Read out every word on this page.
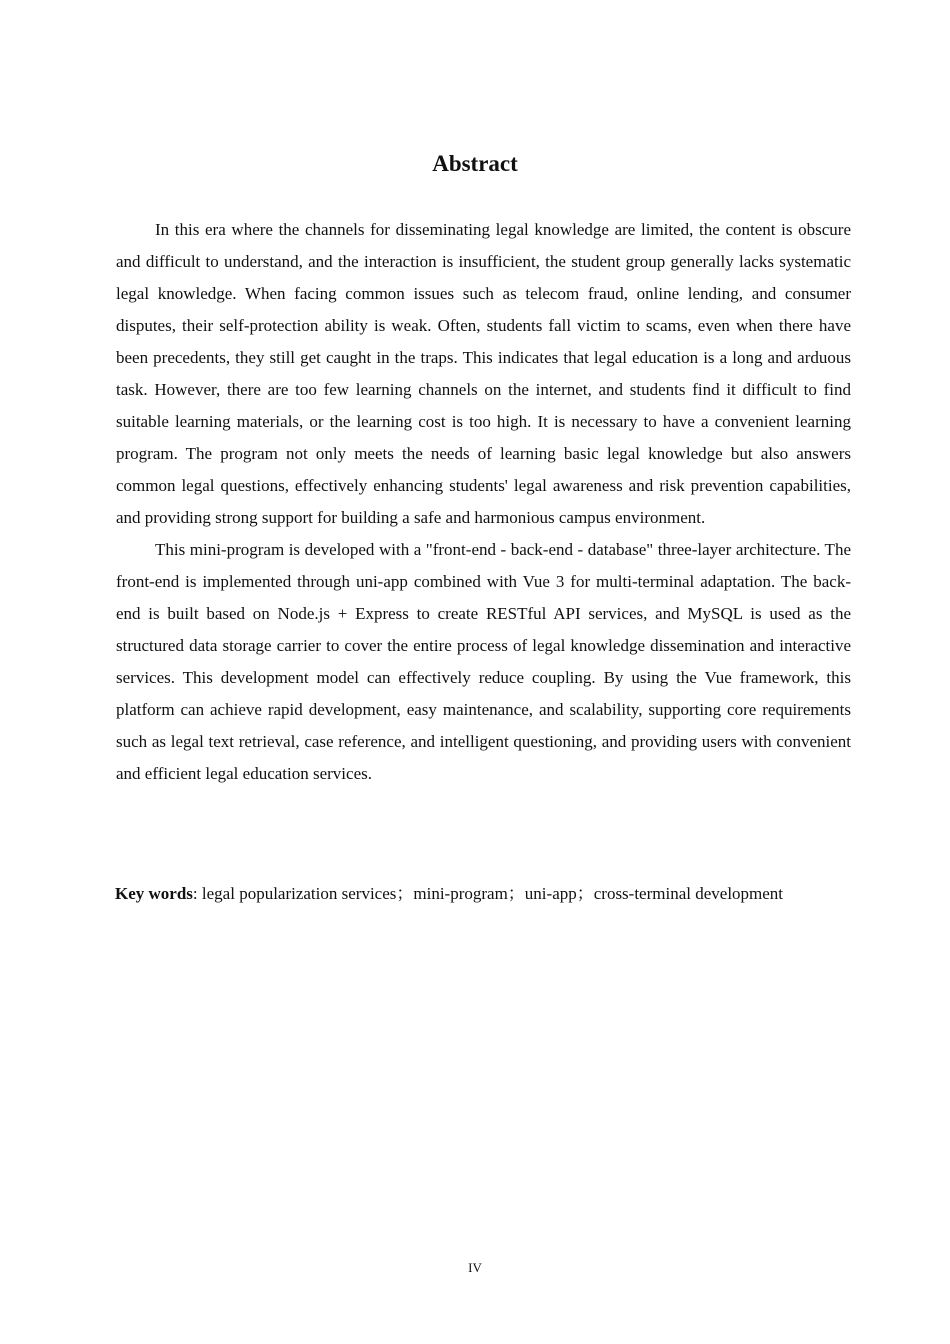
Abstract

In this era where the channels for disseminating legal knowledge are limited, the content is obscure and difficult to understand, and the interaction is insufficient, the student group generally lacks systematic legal knowledge. When facing common issues such as telecom fraud, online lending, and consumer disputes, their self-protection ability is weak. Often, students fall victim to scams, even when there have been precedents, they still get caught in the traps. This indicates that legal education is a long and arduous task. However, there are too few learning channels on the internet, and students find it difficult to find suitable learning materials, or the learning cost is too high. It is necessary to have a convenient learning program. The program not only meets the needs of learning basic legal knowledge but also answers common legal questions, effectively enhancing students' legal awareness and risk prevention capabilities, and providing strong support for building a safe and harmonious campus environment.

This mini-program is developed with a "front-end - back-end - database" three-layer architecture. The front-end is implemented through uni-app combined with Vue 3 for multi-terminal adaptation. The back-end is built based on Node.js + Express to create RESTful API services, and MySQL is used as the structured data storage carrier to cover the entire process of legal knowledge dissemination and interactive services. This development model can effectively reduce coupling. By using the Vue framework, this platform can achieve rapid development, easy maintenance, and scalability, supporting core requirements such as legal text retrieval, case reference, and intelligent questioning, and providing users with convenient and efficient legal education services.

Key words: legal popularization services；mini-program；uni-app；cross-terminal development

IV
